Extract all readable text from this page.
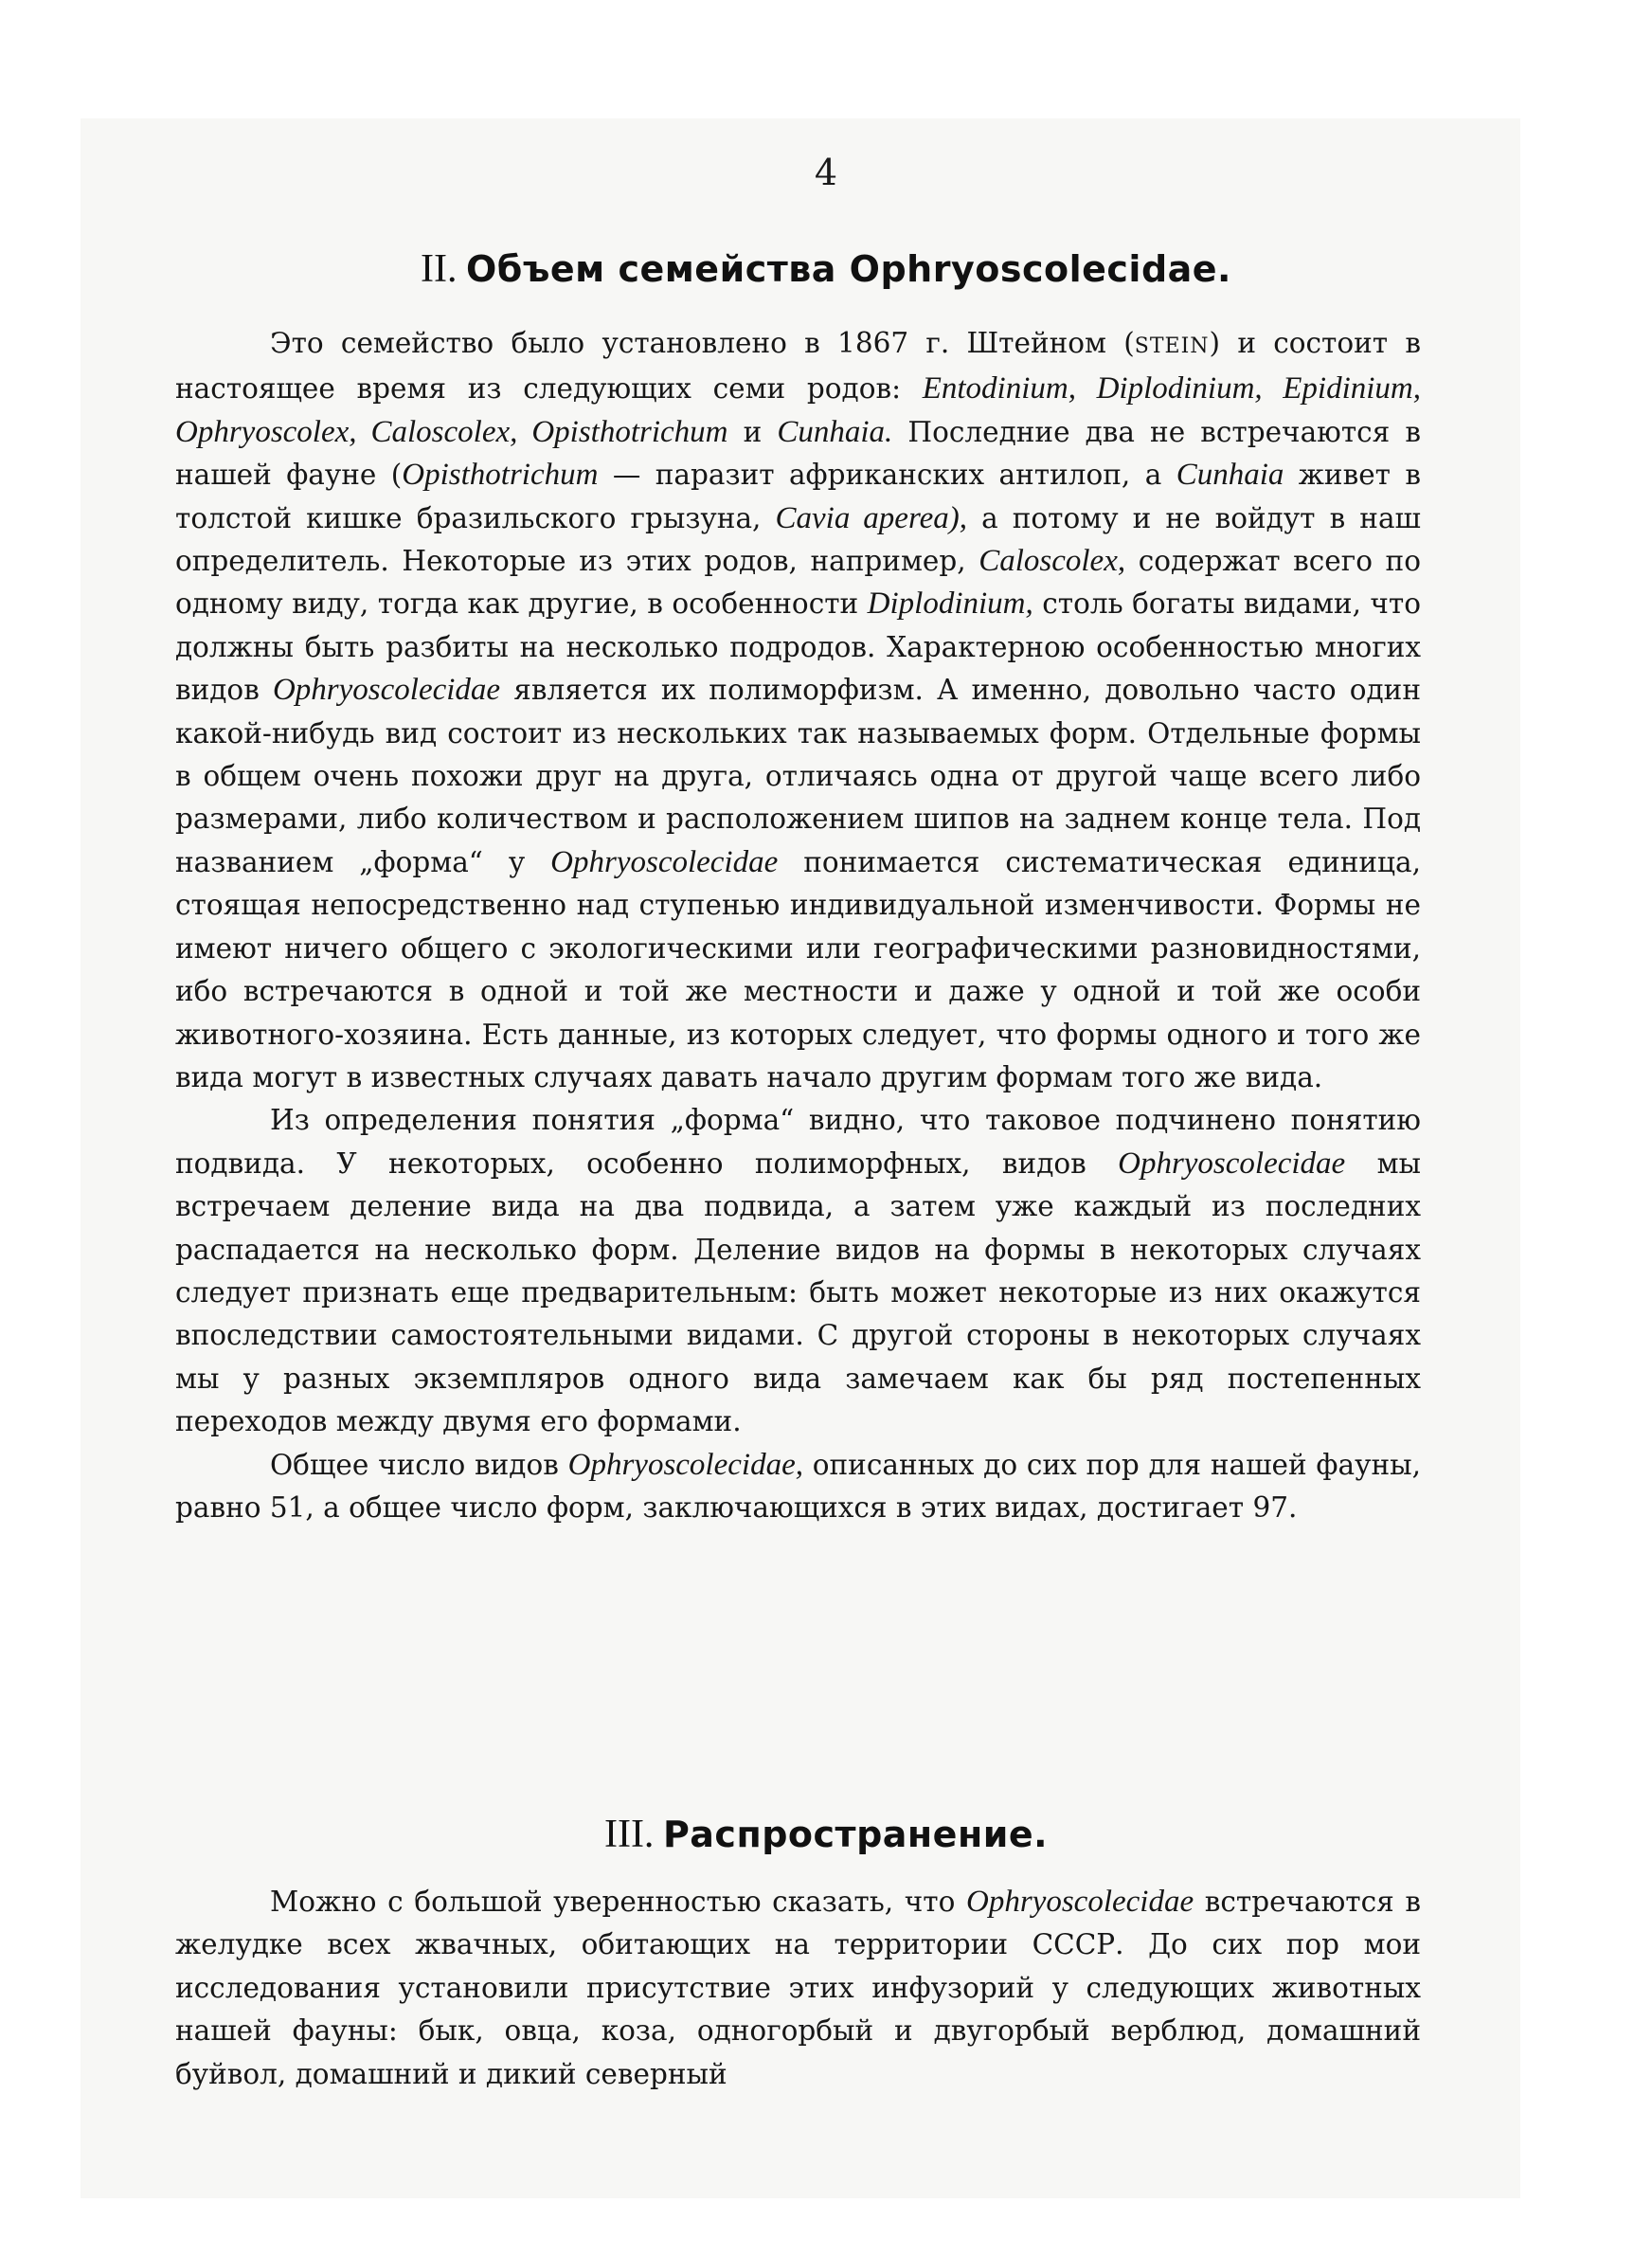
4
II. Объем семейства Ophryoscolecidae.

Это семейство было установлено в 1867 г. Штейном (STEIN) и состоит в настоящее время из следующих семи родов: Entodinium, Diplodinium, Epidinium, Ophryoscolex, Caloscolex, Opisthotrichum и Cunhaia. Последние два не встречаются в нашей фауне (Opisthotrichum — паразит африканских антилоп, а Cunhaia живет в толстой кишке бразильского грызуна, Cavia aperea), а потому и не войдут в наш определитель. Некоторые из этих родов, например, Caloscolex, содержат всего по одному виду, тогда как другие, в особенности Diplodinium, столь богаты видами, что должны быть разбиты на несколько подродов. Характерною особенностью многих видов Ophryoscolecidae является их полиморфизм. А именно, довольно часто один какой-нибудь вид состоит из нескольких так называемых форм. Отдельные формы в общем очень похожи друг на друга, отличаясь одна от другой чаще всего либо размерами, либо количеством и расположением шипов на заднем конце тела. Под названием „форма“ у Ophryoscolecidae понимается систематическая единица, стоящая непосредственно над ступенью индивидуальной изменчивости. Формы не имеют ничего общего с экологическими или географическими разновидностями, ибо встречаются в одной и той же местности и даже у одной и той же особи животного-хозяина. Есть данные, из которых следует, что формы одного и того же вида могут в известных случаях давать начало другим формам того же вида.

Из определения понятия „форма“ видно, что таковое подчинено понятию подвида. У некоторых, особенно полиморфных, видов Ophryoscolecidae мы встречаем деление вида на два подвида, а затем уже каждый из последних распадается на несколько форм. Деление видов на формы в некоторых случаях следует признать еще предварительным: быть может некоторые из них окажутся впоследствии самостоятельными видами. С другой стороны в некоторых случаях мы у разных экземпляров одного вида замечаем как бы ряд постепенных переходов между двумя его формами.

Общее число видов Ophryoscolecidae, описанных до сих пор для нашей фауны, равно 51, а общее число форм, заключающихся в этих видах, достигает 97.

III. Распространение.

Можно с большой уверенностью сказать, что Ophryoscolecidae встречаются в желудке всех жвачных, обитающих на территории СССР. До сих пор мои исследования установили присутствие этих инфузорий у следующих животных нашей фауны: бык, овца, коза, одногорбый и двугорбый верблюд, домашний буйвол, домашний и дикий северный
